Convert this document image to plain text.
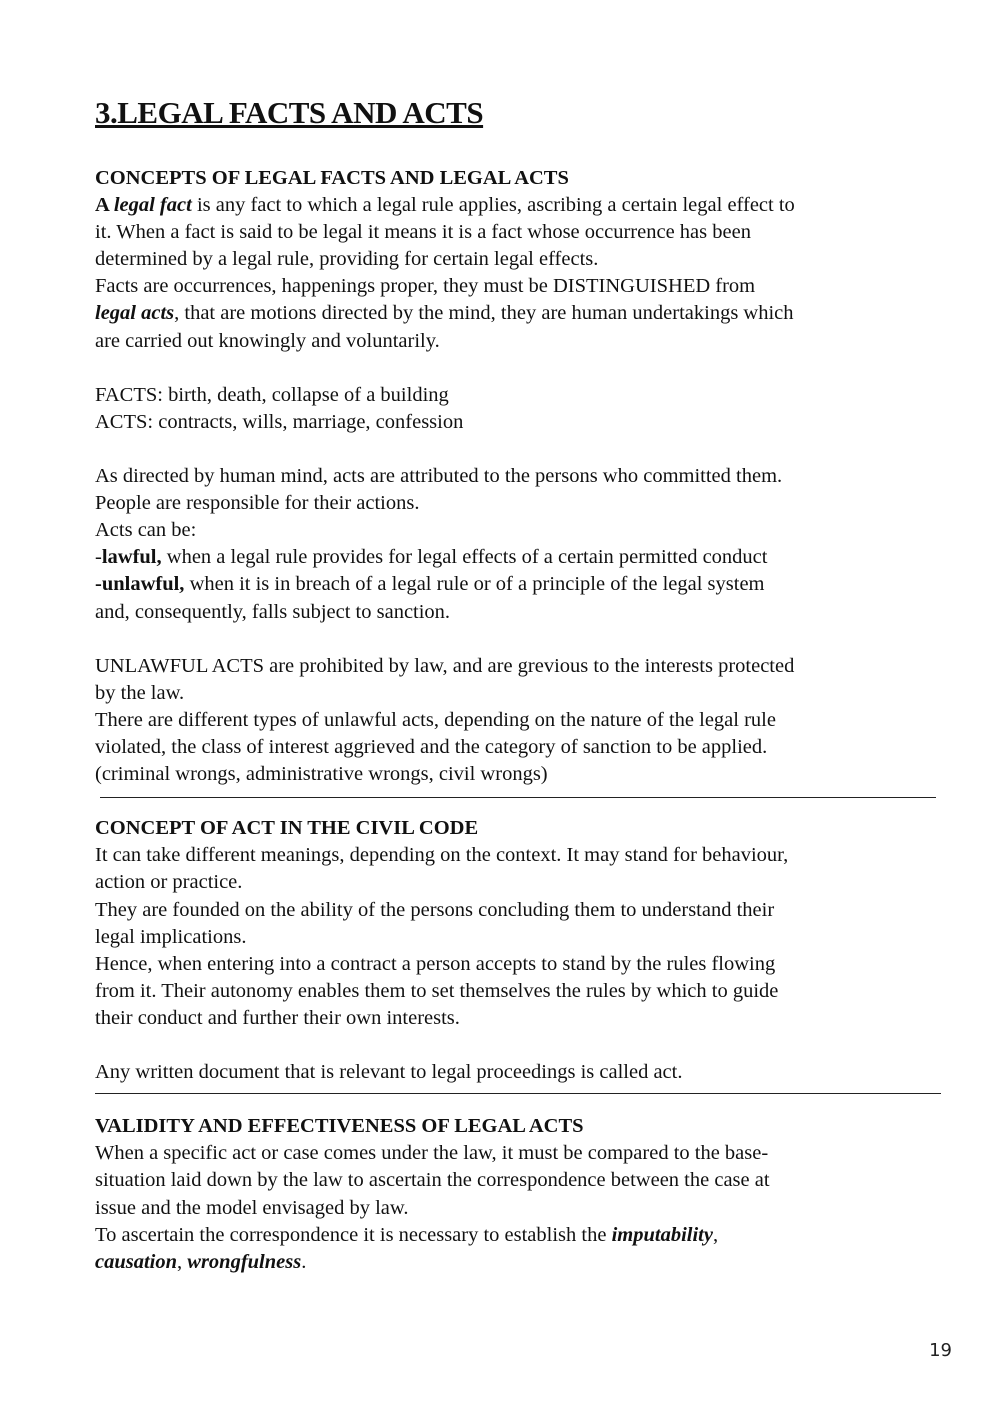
3.LEGAL FACTS AND ACTS
CONCEPTS OF LEGAL FACTS AND LEGAL ACTS
A legal fact is any fact to which a legal rule applies, ascribing a certain legal effect to
it. When a fact is said to be legal it means it is a fact whose occurrence has been
determined by a legal rule, providing for certain legal effects.
Facts are occurrences, happenings proper, they must be DISTINGUISHED from
legal acts, that are motions directed by the mind, they are human undertakings which
are carried out knowingly and voluntarily.
FACTS: birth, death, collapse of a building
ACTS: contracts, wills, marriage, confession
As directed by human mind, acts are attributed to the persons who committed them.
People are responsible for their actions.
Acts can be:
-lawful, when a legal rule provides for legal effects of a certain permitted conduct
-unlawful, when it is in breach of a legal rule or of a principle of the legal system
and, consequently, falls subject to sanction.
UNLAWFUL ACTS are prohibited by law, and are grevious to the interests protected
by the law.
There are different types of unlawful acts, depending on the nature of the legal rule
violated, the class of interest aggrieved and the category of sanction to be applied.
(criminal wrongs, administrative wrongs, civil wrongs)
CONCEPT OF ACT IN THE CIVIL CODE
It can take different meanings, depending on the context. It may stand for behaviour,
action or practice.
They are founded on the ability of the persons concluding them to understand their
legal implications.
Hence, when entering into a contract a person accepts to stand by the rules flowing
from it. Their autonomy enables them to set themselves the rules by which to guide
their conduct and further their own interests.
Any written document that is relevant to legal proceedings is called act.
VALIDITY AND EFFECTIVENESS OF LEGAL ACTS
When a specific act or case comes under the law, it must be compared to the base-
situation laid down by the law to ascertain the correspondence between the case at
issue and the model envisaged by law.
To ascertain the correspondence it is necessary to establish the imputability,
causation, wrongfulness.
19
